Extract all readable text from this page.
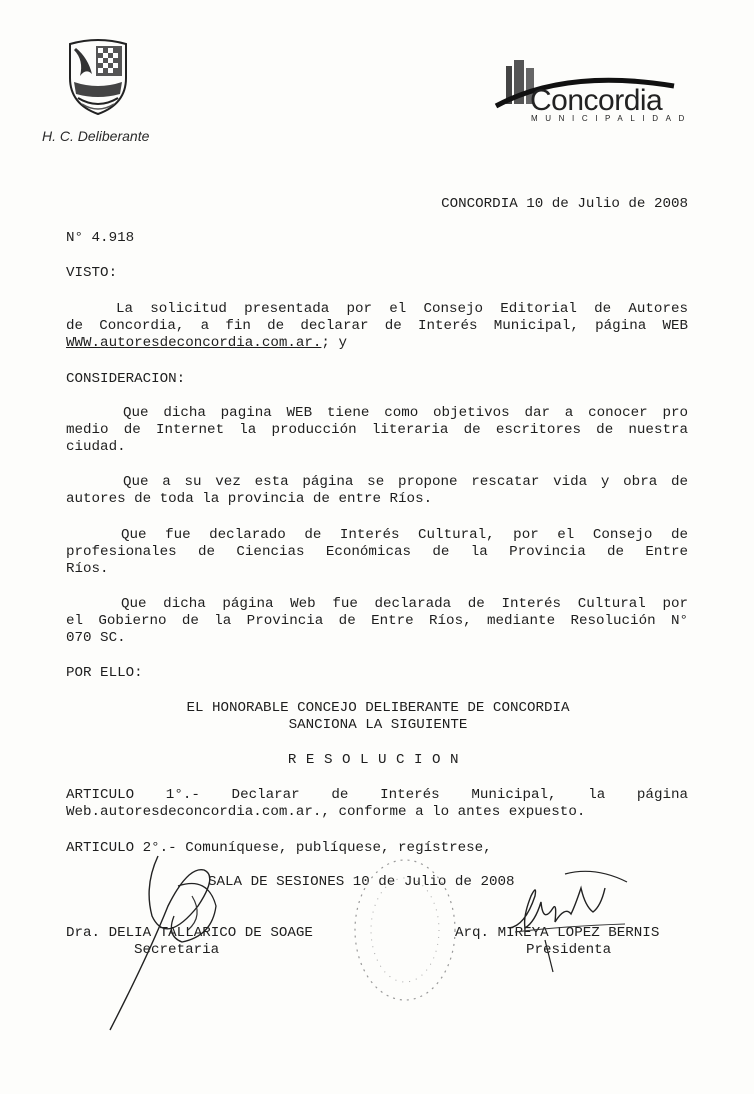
H. C. Deliberante
Concordia
MUNICIPALIDAD
CONCORDIA 10 de Julio de 2008
N° 4.918
VISTO:
La solicitud presentada por el Consejo Editorial de Autores
de Concordia, a fin de declarar de Interés Municipal, página WEB
WWW.autoresdeconcordia.com.ar.; y
CONSIDERACION:
Que dicha pagina WEB tiene como objetivos dar a conocer pro
medio de Internet la producción literaria de escritores de nuestra
ciudad.
Que a su vez esta página se propone rescatar vida y obra de
autores de toda la provincia de entre Ríos.
Que fue declarado de Interés Cultural, por el Consejo de
profesionales de Ciencias Económicas de la Provincia de Entre
Ríos.
Que dicha página Web fue declarada de Interés Cultural por
el Gobierno de la Provincia de Entre Ríos, mediante Resolución N°
070 SC.
POR ELLO:
EL HONORABLE CONCEJO DELIBERANTE DE CONCORDIA
SANCIONA LA SIGUIENTE
RESOLUCION
ARTICULO 1°.- Declarar de Interés Municipal, la página
Web.autoresdeconcordia.com.ar., conforme a lo antes expuesto.
ARTICULO 2°.- Comuníquese, publíquese, regístrese,
SALA DE SESIONES 10 de Julio de 2008
Dra. DELIA TALLARICO DE SOAGE
Secretaria
Arq. MIREYA LOPEZ BERNIS
Presidenta
